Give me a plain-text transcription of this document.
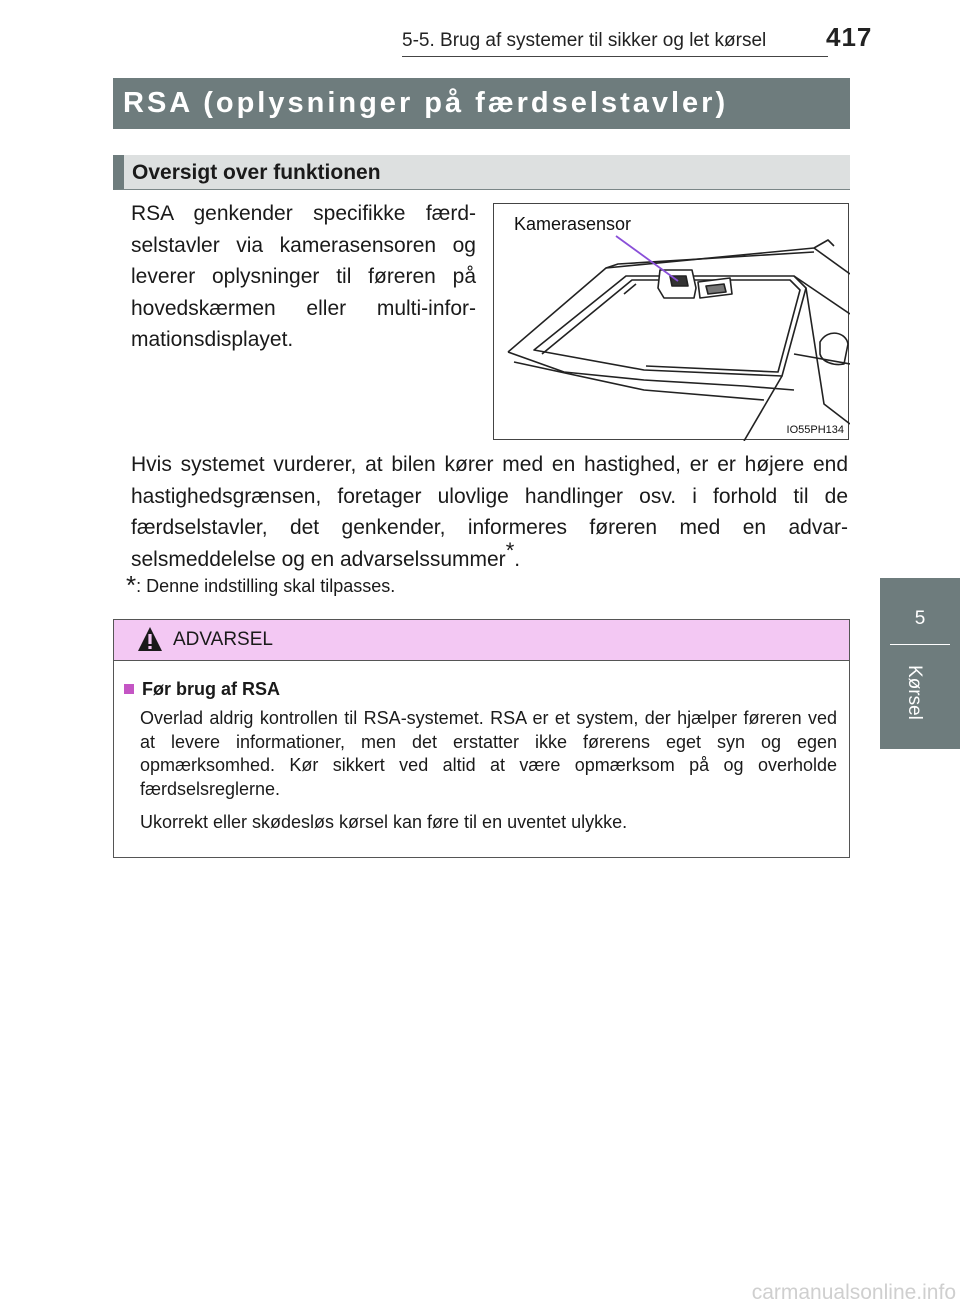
5-5. Brug af systemer til sikker og let kørsel 417
RSA (oplysninger på færdselstavler)
Oversigt over funktionen
RSA genkender specifikke færd-selstavler via kamerasensoren og leverer oplysninger til føreren på hovedskærmen eller multi-infor-mationsdisplayet.
Kamerasensor
IO55PH134
Hvis systemet vurderer, at bilen kører med en hastighed, er er højere end hastighedsgrænsen, foretager ulovlige handlinger osv. i forhold til de færdselstavler, det genkender, informeres føreren med en advar-selsmeddelelse og en advarselssummer*.
*: Denne indstilling skal tilpasses.
ADVARSEL
Før brug af RSA
Overlad aldrig kontrollen til RSA-systemet. RSA er et system, der hjælper føreren ved at levere informationer, men det erstatter ikke førerens eget syn og egen opmærksomhed. Kør sikkert ved altid at være opmærksom på og overholde færdselsreglerne.
Ukorrekt eller skødesløs kørsel kan føre til en uventet ulykke.
5
Kørsel
carmanualsonline.info
